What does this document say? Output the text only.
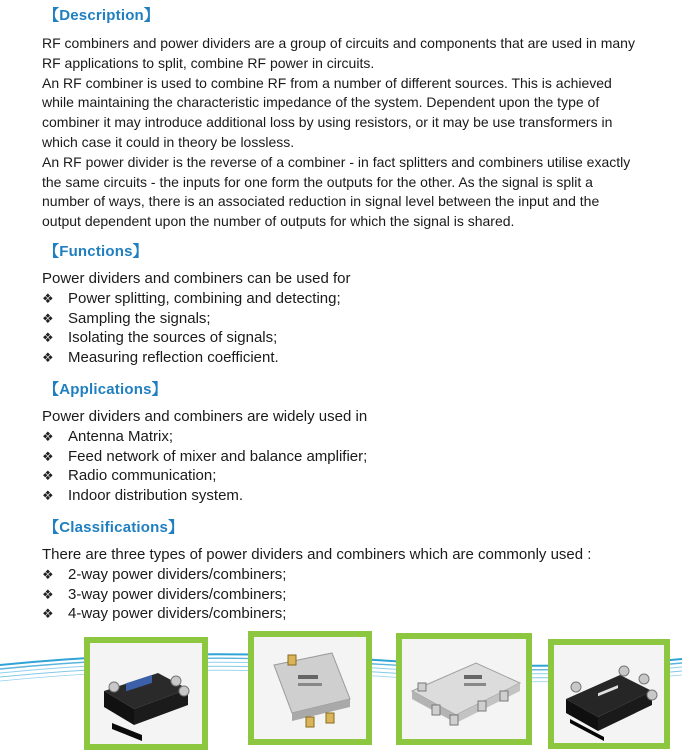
【Description】

RF combiners and power dividers are a group of circuits and components that are used in many RF applications to split, combine RF power in circuits.

An RF combiner is used to combine RF from a number of different sources. This is achieved while maintaining the characteristic impedance of the system. Dependent upon the type of combiner it may introduce additional loss by using resistors, or it may be use transformers in which case it could in theory be lossless.

An RF power divider is the reverse of a combiner - in fact splitters and combiners utilise exactly the same circuits - the inputs for one form the outputs for the other. As the signal is split a number of ways, there is an associated reduction in signal level between the input and the output dependent upon the number of outputs for which the signal is shared.

【Functions】
Power dividers and combiners can be used for
❖ Power splitting, combining and detecting;
❖ Sampling the signals;
❖ Isolating the sources of signals;
❖ Measuring reflection coefficient.
【Applications】
Power dividers and combiners are widely used in
❖ Antenna Matrix;
❖ Feed network of mixer and balance amplifier;
❖ Radio communication;
❖ Indoor distribution system.
【Classifications】
There are three types of power dividers and combiners which are commonly used :
❖ 2-way power dividers/combiners;
❖ 3-way power dividers/combiners;
❖ 4-way power dividers/combiners;
